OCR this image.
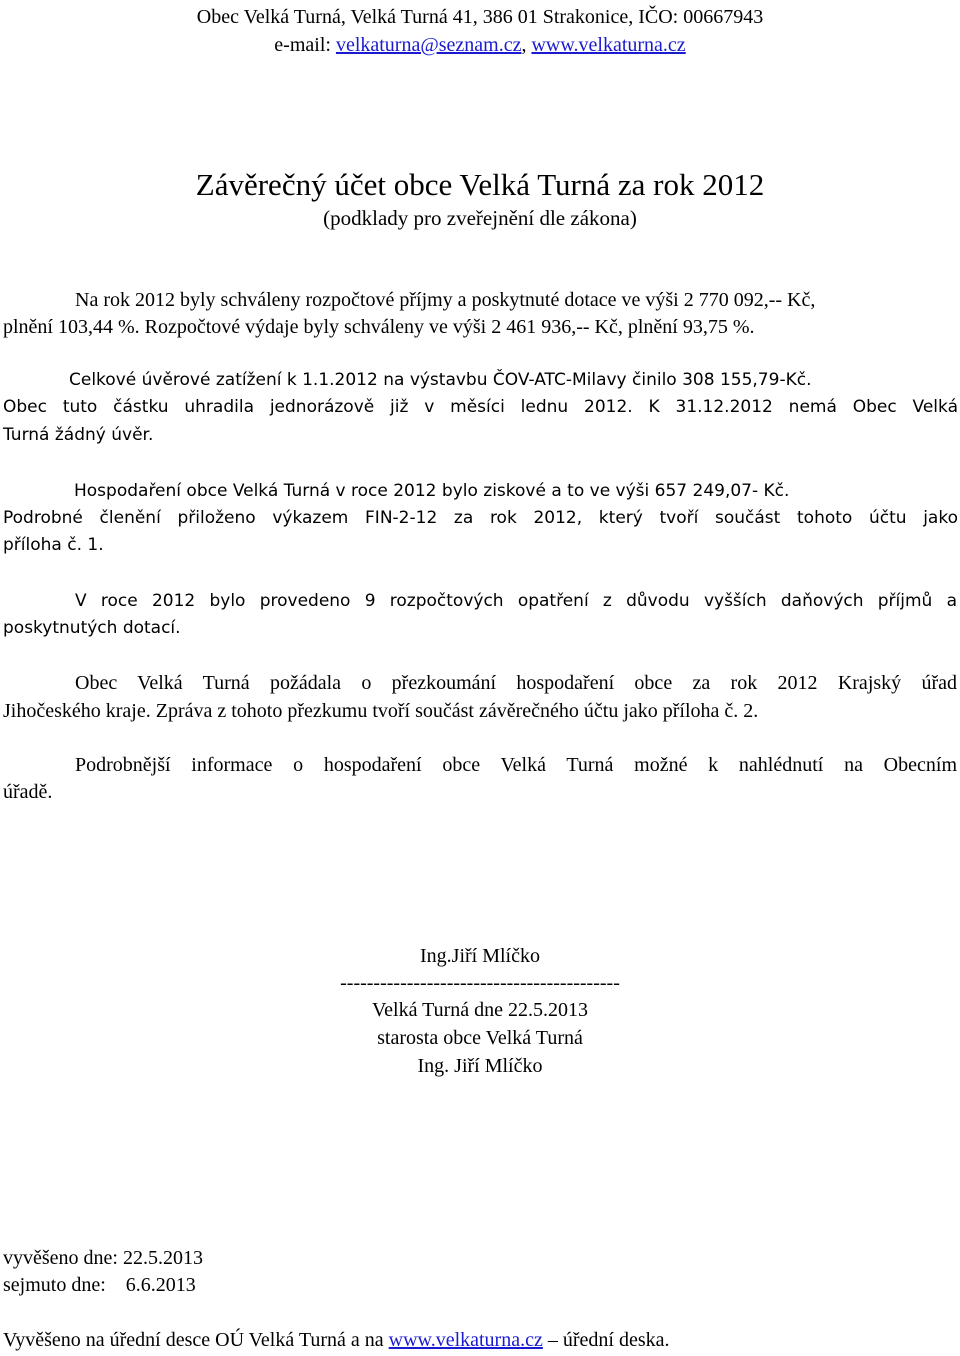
Obec Velká Turná, Velká Turná 41, 386 01 Strakonice, IČO: 00667943
e-mail: velkaturna@seznam.cz, www.velkaturna.cz
Závěrečný účet obce Velká Turná za rok 2012
(podklady pro zveřejnění dle zákona)
Na rok 2012 byly schváleny rozpočtové příjmy a poskytnuté dotace ve výši 2 770 092,-- Kč,
plnění 103,44 %. Rozpočtové výdaje byly schváleny ve výši 2 461 936,-- Kč, plnění 93,75 %.
Celkové úvěrové zatížení k 1.1.2012 na výstavbu ČOV-ATC-Milavy činilo 308 155,79-Kč.
Obec tuto částku uhradila jednorázově již v měsíci lednu 2012. K 31.12.2012 nemá Obec Velká
Turná žádný úvěr.
Hospodaření obce Velká Turná v roce 2012 bylo ziskové a to ve výši 657 249,07- Kč.
Podrobné členění přiloženo výkazem FIN-2-12 za rok 2012, který tvoří součást tohoto účtu jako
příloha č. 1.
V roce 2012 bylo provedeno 9 rozpočtových opatření z důvodu vyšších daňových příjmů a
poskytnutých dotací.
Obec Velká Turná požádala o přezkoumání hospodaření obce za rok 2012 Krajský úřad
Jihočeského kraje. Zpráva z tohoto přezkumu tvoří součást závěrečného účtu jako příloha č. 2.
Podrobnější informace o hospodaření obce Velká Turná možné k nahlédnutí na Obecním
úřadě.
Ing.Jiří Mlíčko
------------------------------------------
Velká Turná dne 22.5.2013
starosta obce Velká Turná
Ing. Jiří Mlíčko
vyvěšeno dne: 22.5.2013
sejmuto dne:    6.6.2013
Vyvěšeno na úřední desce OÚ Velká Turná a na www.velkaturna.cz – úřední deska.
